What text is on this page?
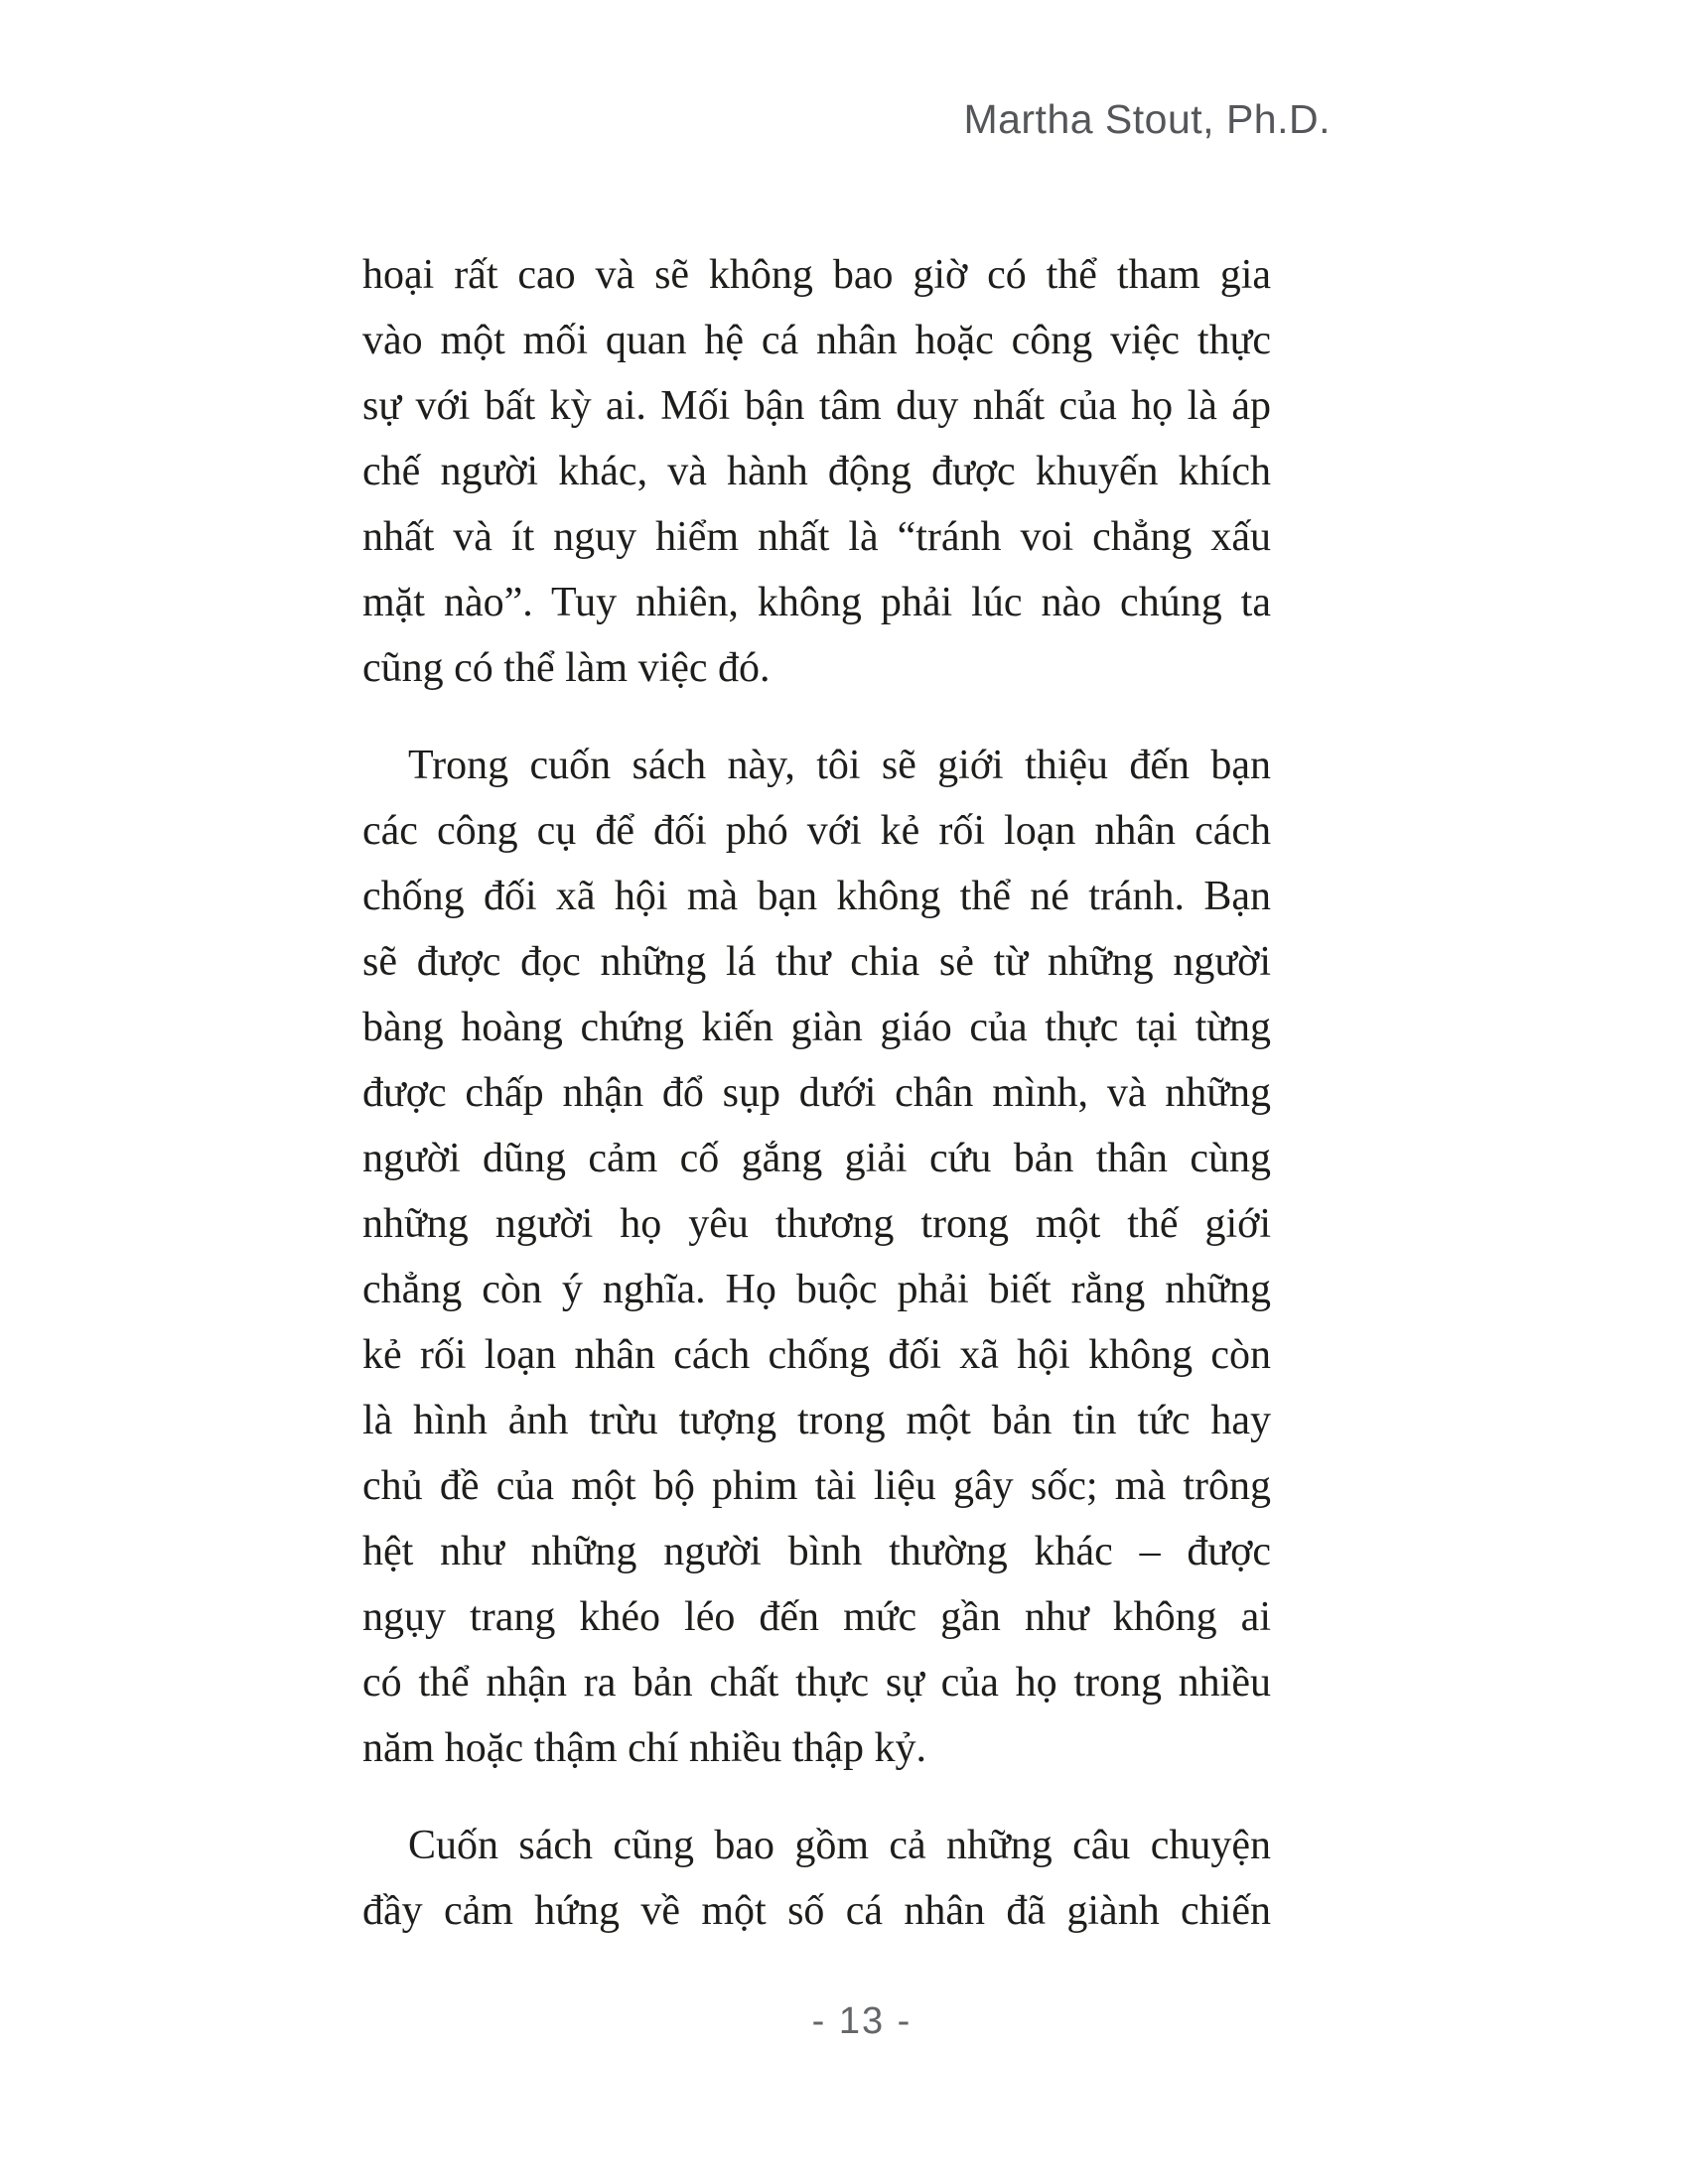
Martha Stout, Ph.D.

hoại rất cao và sẽ không bao giờ có thể tham gia
vào một mối quan hệ cá nhân hoặc công việc thực
sự với bất kỳ ai. Mối bận tâm duy nhất của họ là áp
chế người khác, và hành động được khuyến khích
nhất và ít nguy hiểm nhất là “tránh voi chẳng xấu
mặt nào”. Tuy nhiên, không phải lúc nào chúng ta
cũng có thể làm việc đó.

Trong cuốn sách này, tôi sẽ giới thiệu đến bạn
các công cụ để đối phó với kẻ rối loạn nhân cách
chống đối xã hội mà bạn không thể né tránh. Bạn
sẽ được đọc những lá thư chia sẻ từ những người
bàng hoàng chứng kiến giàn giáo của thực tại từng
được chấp nhận đổ sụp dưới chân mình, và những
người dũng cảm cố gắng giải cứu bản thân cùng
những người họ yêu thương trong một thế giới
chẳng còn ý nghĩa. Họ buộc phải biết rằng những
kẻ rối loạn nhân cách chống đối xã hội không còn
là hình ảnh trừu tượng trong một bản tin tức hay
chủ đề của một bộ phim tài liệu gây sốc; mà trông
hệt như những người bình thường khác – được
ngụy trang khéo léo đến mức gần như không ai
có thể nhận ra bản chất thực sự của họ trong nhiều
năm hoặc thậm chí nhiều thập kỷ.

Cuốn sách cũng bao gồm cả những câu chuyện
đầy cảm hứng về một số cá nhân đã giành chiến

- 13 -
